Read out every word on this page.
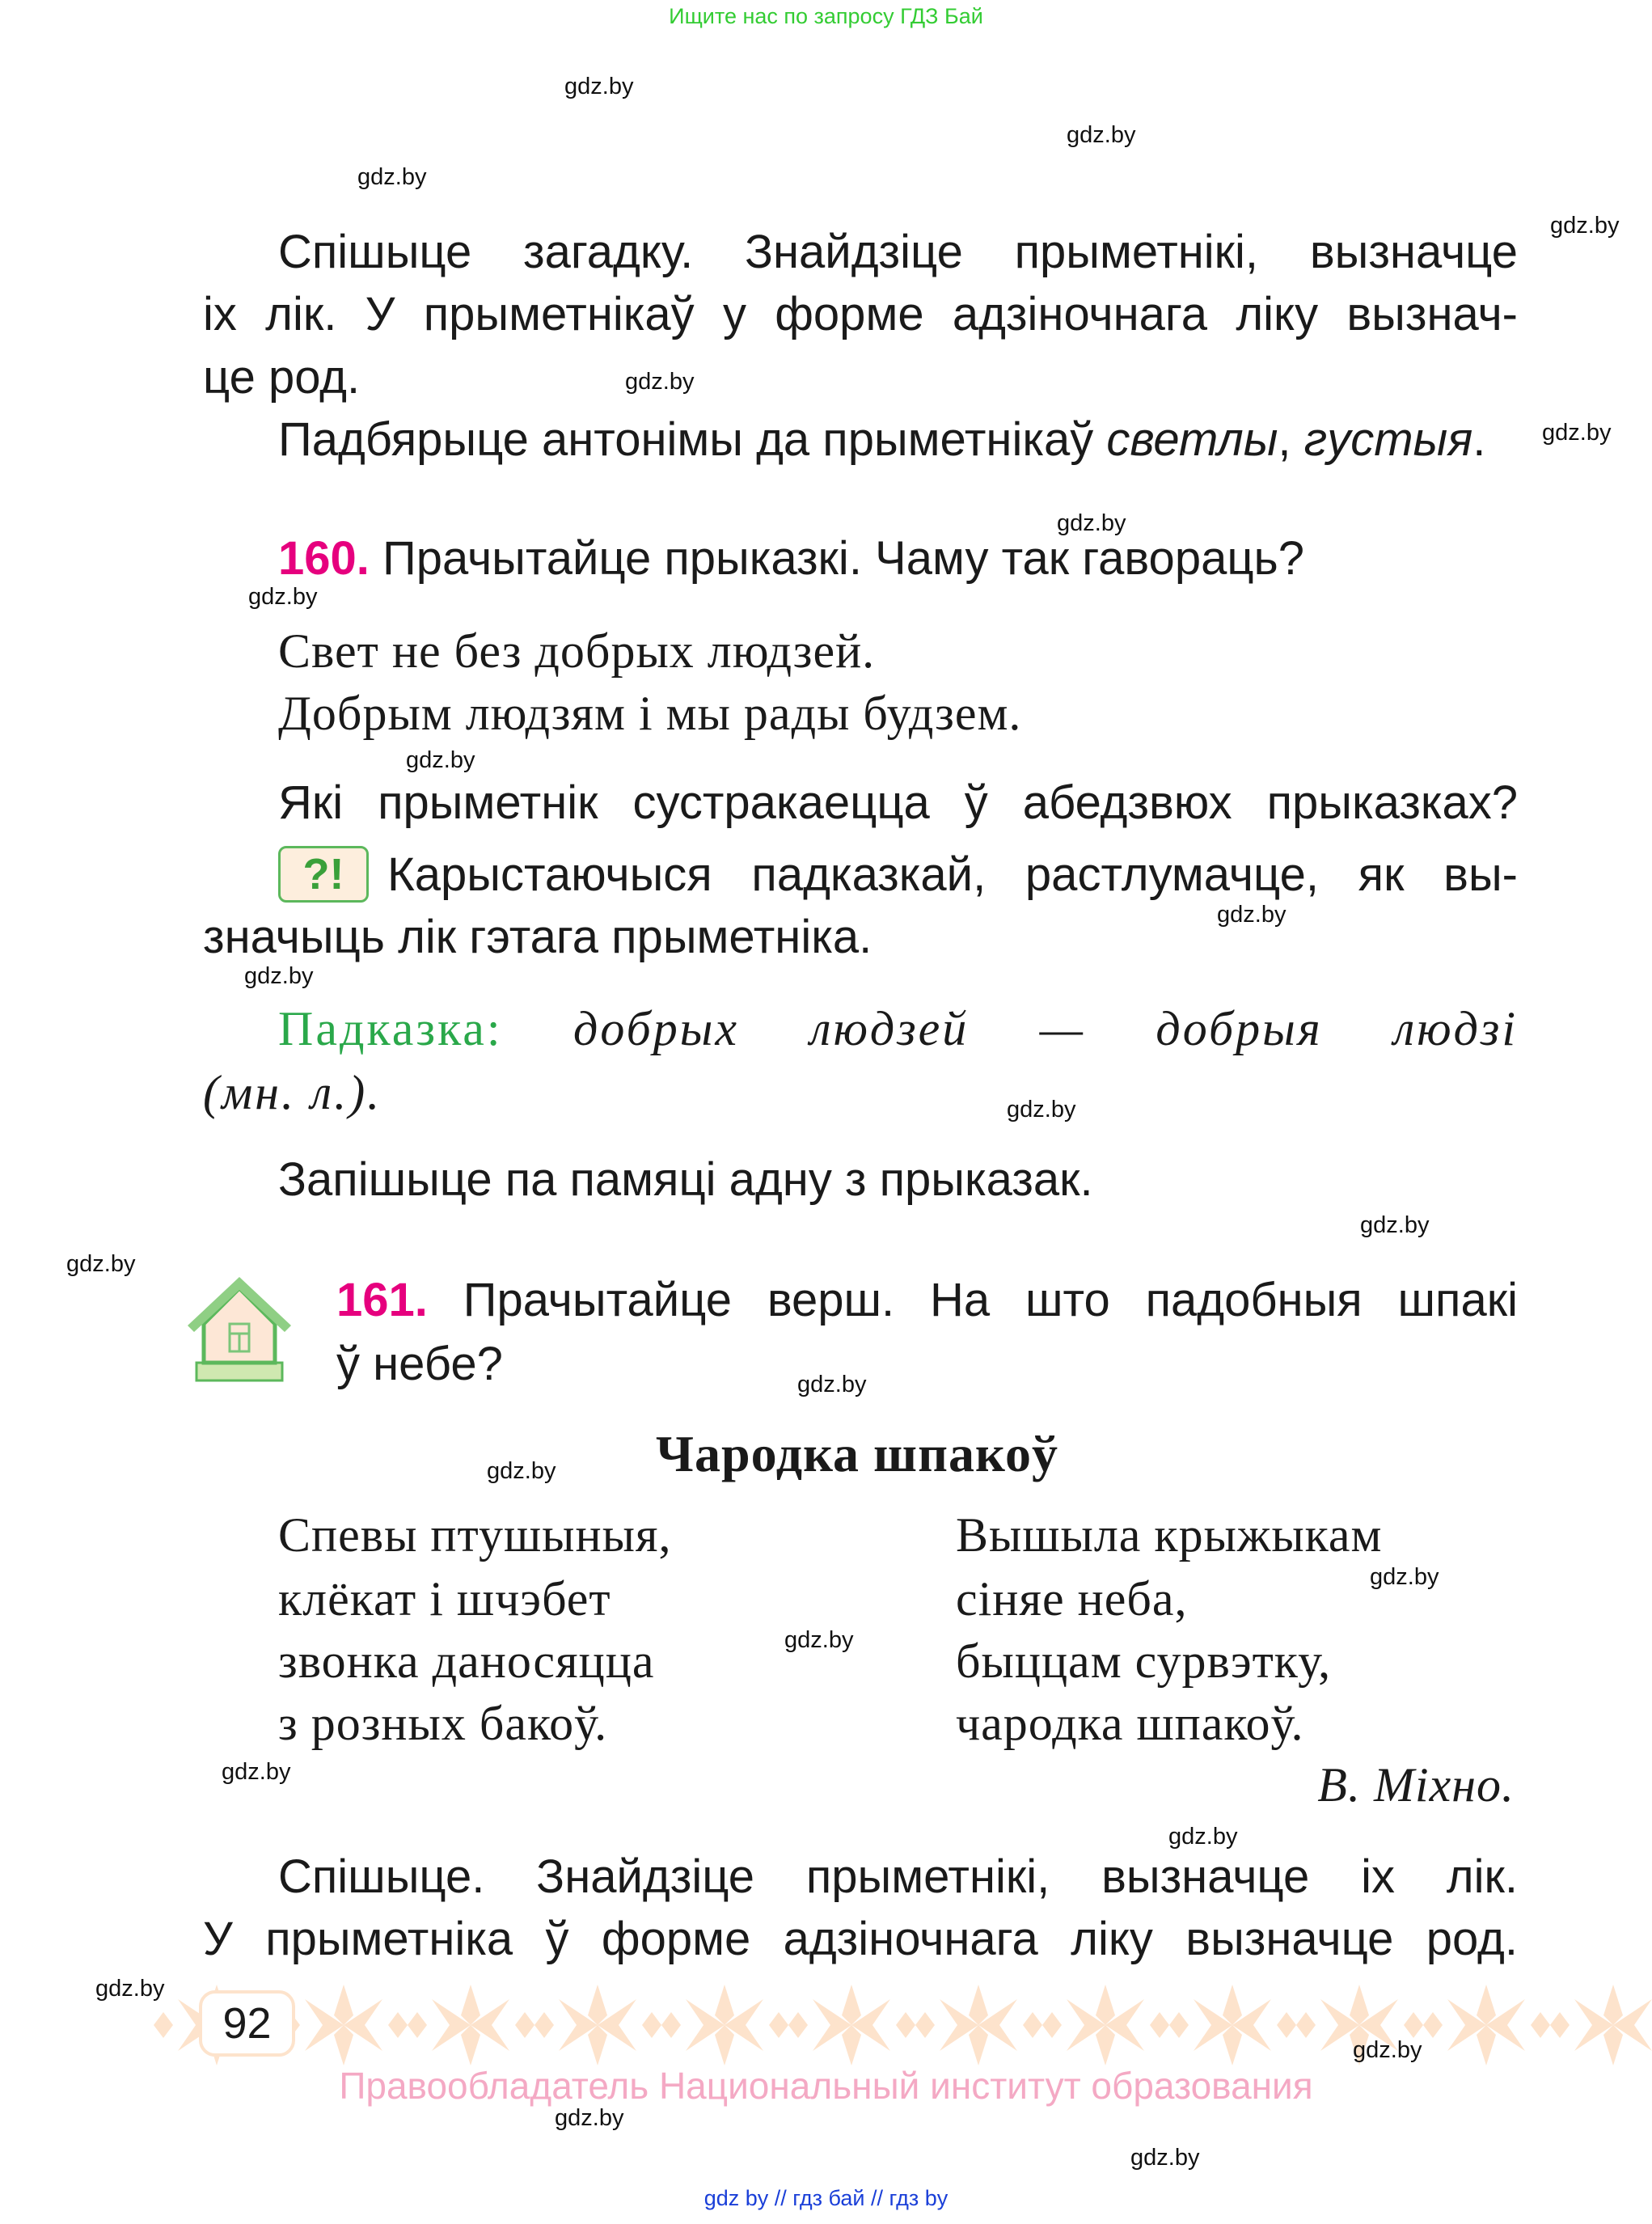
Ищите нас по запросу ГДЗ Бай
Спішыце загадку. Знайдзіце прыметнікі, вызначце
іх лік. У прыметнікаў у форме адзіночнага ліку вызнач-
це род.
Падбярыце антонімы да прыметнікаў светлы, густыя.
160. Прачытайце прыказкі. Чаму так гавораць?
Свет не без добрых людзей.
Добрым людзям і мы рады будзем.
Які прыметнік сустракаецца ў абедзвюх прыказках?
?! Карыстаючыся падказкай, растлумачце, як вы-
значыць лік гэтага прыметніка.
Падказка: добрых людзей — добрыя людзі
(мн. л.).
Запішыце па памяці адну з прыказак.
161. Прачытайце верш. На што падобныя шпакі
ў небе?
Чародка шпакоў
Спевы птушыныя,
клёкат і шчэбет
звонка даносяцца
з розных бакоў.
Вышыла крыжыкам
сіняе неба,
быццам сурвэтку,
чародка шпакоў.
В. Міхно.
Спішыце. Знайдзіце прыметнікі, вызначце іх лік.
У прыметніка ў форме адзіночнага ліку вызначце род.
92
Правообладатель Национальный институт образования
gdz by // гдз бай // гдз by
gdz.by
gdz.by
gdz.by
gdz.by
gdz.by
gdz.by
gdz.by
gdz.by
gdz.by
gdz.by
gdz.by
gdz.by
gdz.by
gdz.by
gdz.by
gdz.by
gdz.by
gdz.by
gdz.by
gdz.by
gdz.by
gdz.by
gdz.by
gdz.by
